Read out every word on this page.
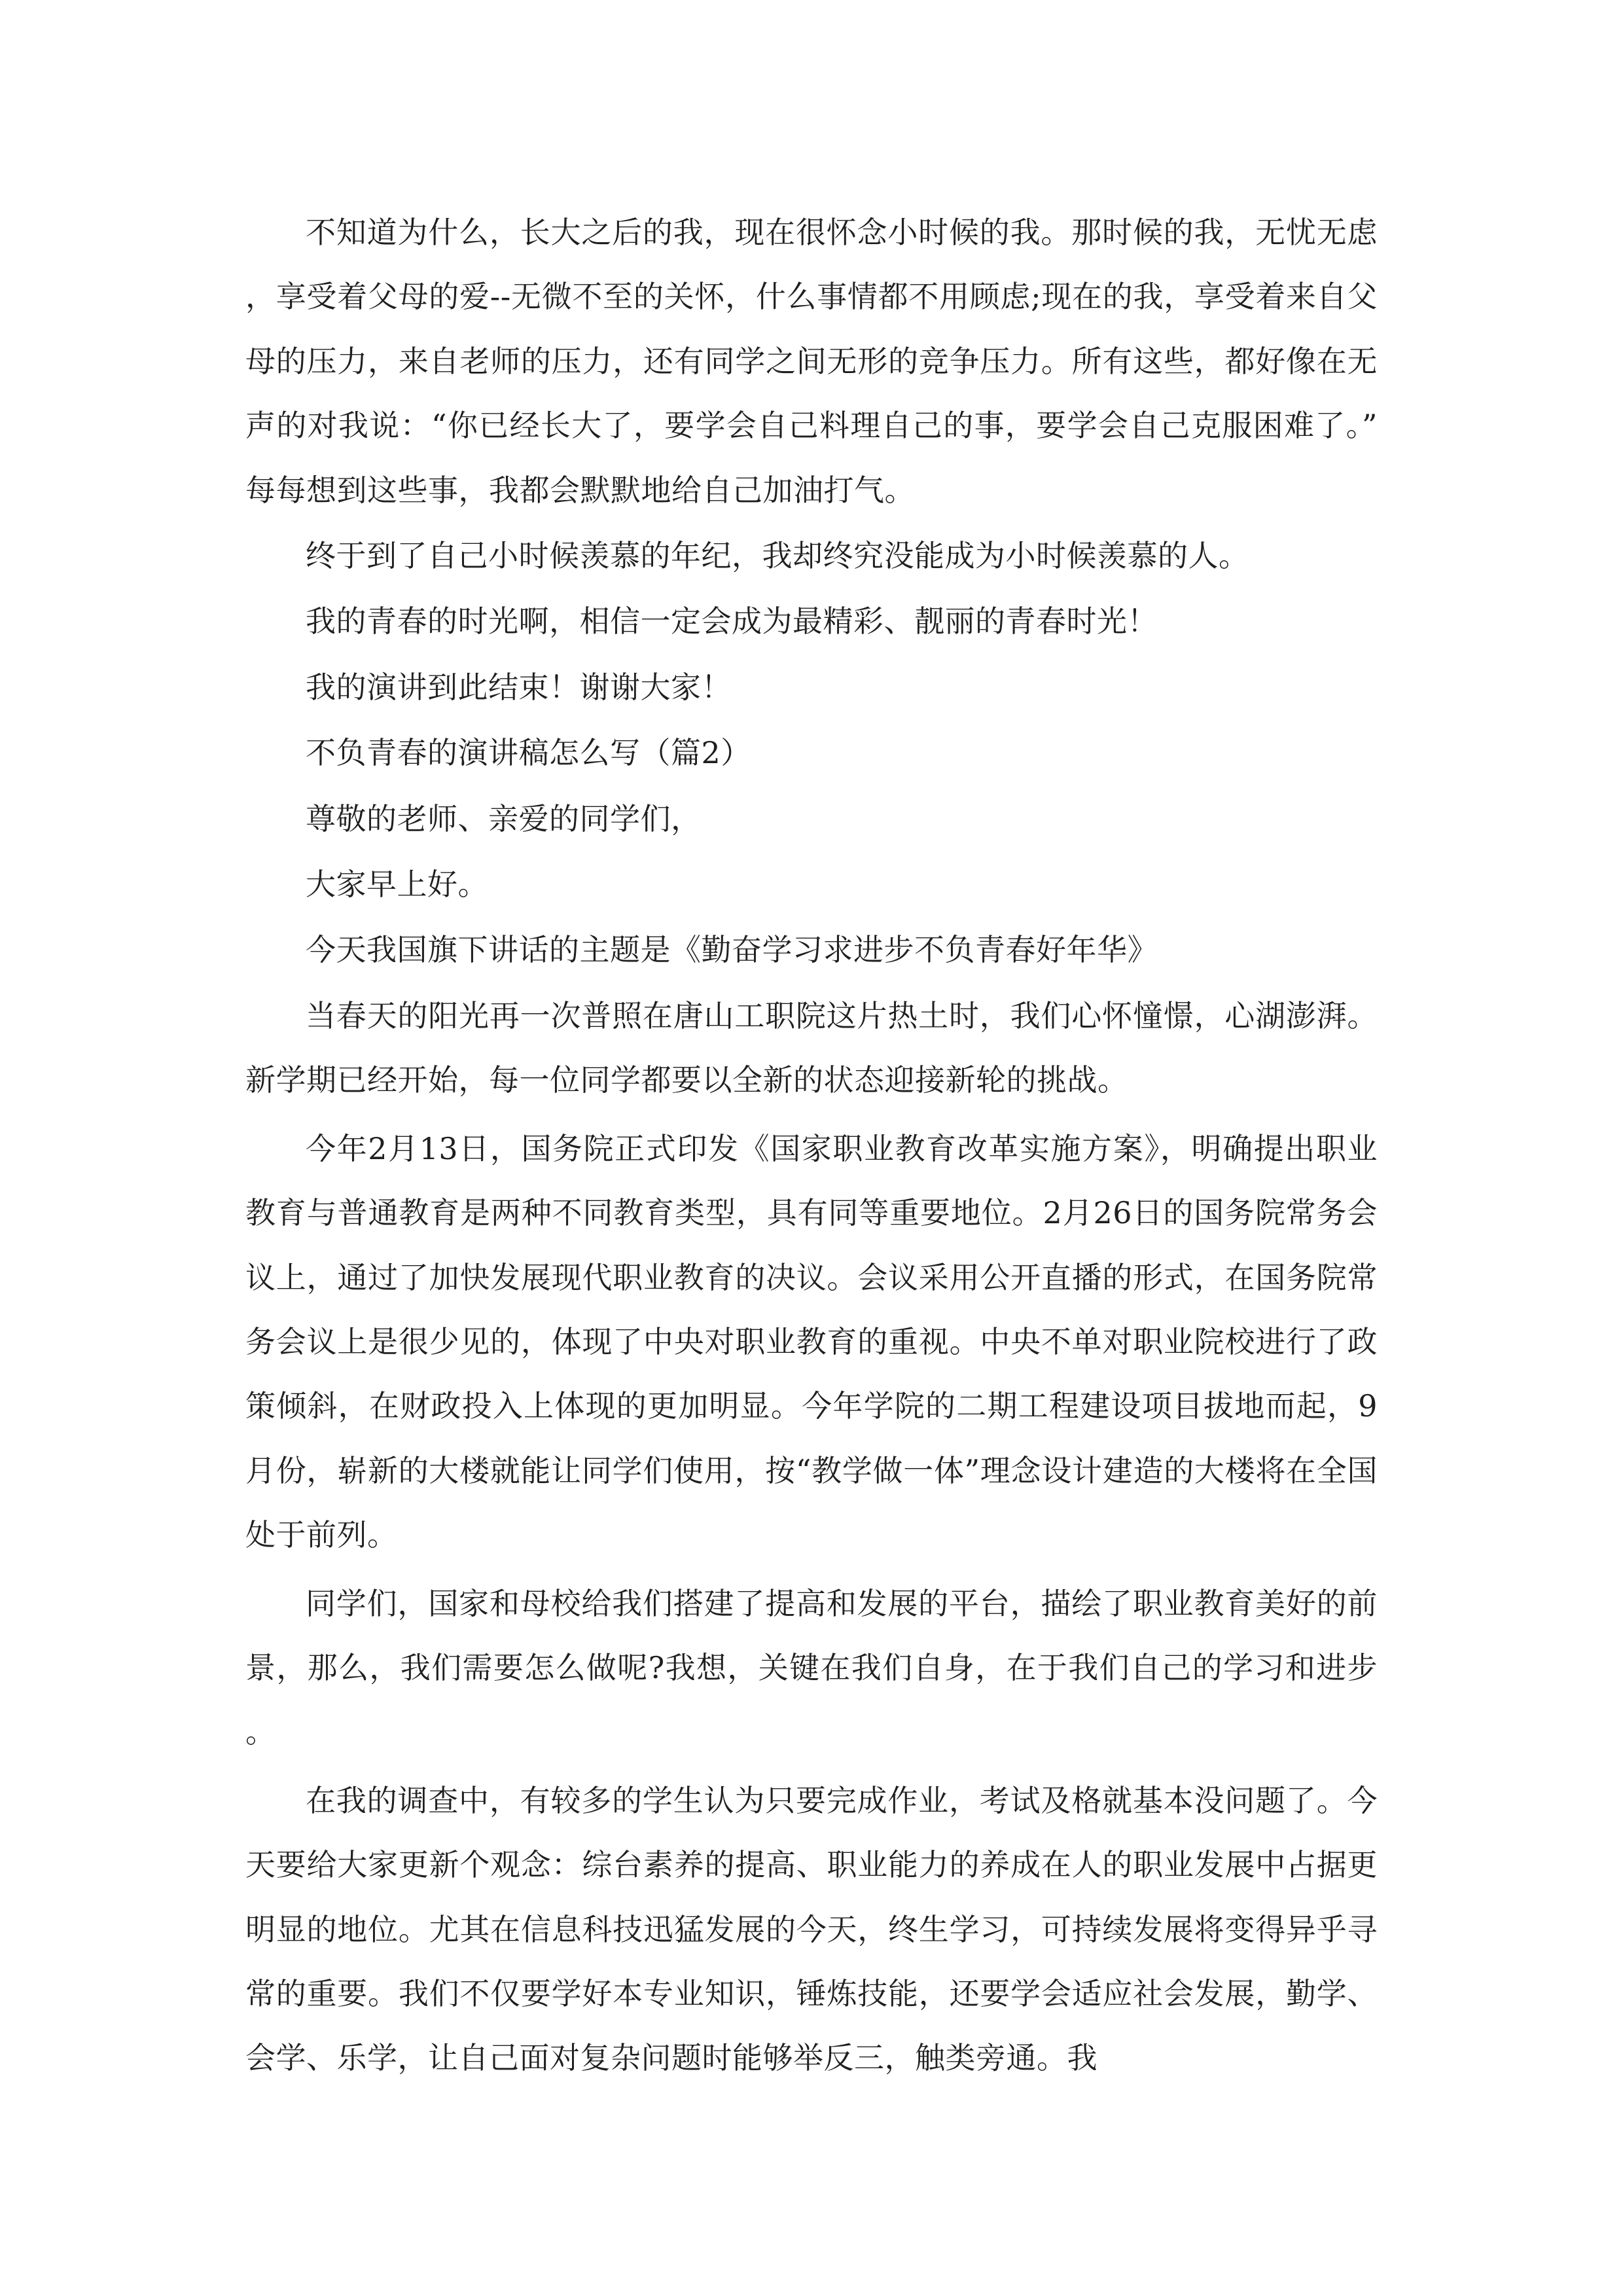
不知道为什么，长大之后的我，现在很怀念小时候的我。那时候的我，无忧无虑，享受着父母的爱--无微不至的关怀，什么事情都不用顾虑;现在的我，享受着来自父母的压力，来自老师的压力，还有同学之间无形的竞争压力。所有这些，都好像在无声的对我说：“你已经长大了，要学会自己料理自己的事，要学会自己克服困难了。”每每想到这些事，我都会默默地给自己加油打气。

终于到了自己小时候羡慕的年纪，我却终究没能成为小时候羡慕的人。

我的青春的时光啊，相信一定会成为最精彩、靓丽的青春时光！

我的演讲到此结束！谢谢大家！

不负青春的演讲稿怎么写（篇2）

尊敬的老师、亲爱的同学们，

大家早上好。

今天我国旗下讲话的主题是《勤奋学习求进步不负青春好年华》

当春天的阳光再一次普照在唐山工职院这片热土时，我们心怀憧憬，心湖澎湃。新学期已经开始，每一位同学都要以全新的状态迎接新轮的挑战。

今年2月13日，国务院正式印发《国家职业教育改革实施方案》，明确提出职业教育与普通教育是两种不同教育类型，具有同等重要地位。2月26日的国务院常务会议上，通过了加快发展现代职业教育的决议。会议采用公开直播的形式，在国务院常务会议上是很少见的，体现了中央对职业教育的重视。中央不单对职业院校进行了政策倾斜，在财政投入上体现的更加明显。今年学院的二期工程建设项目拔地而起，9月份，崭新的大楼就能让同学们使用，按“教学做一体”理念设计建造的大楼将在全国处于前列。

同学们，国家和母校给我们搭建了提高和发展的平台，描绘了职业教育美好的前景，那么，我们需要怎么做呢?我想，关键在我们自身，在于我们自己的学习和进步。

在我的调查中，有较多的学生认为只要完成作业，考试及格就基本没问题了。今天要给大家更新个观念：综台素养的提高、职业能力的养成在人的职业发展中占据更明显的地位。尤其在信息科技迅猛发展的今天，终生学习，可持续发展将变得异乎寻常的重要。我们不仅要学好本专业知识，锤炼技能，还要学会适应社会发展，勤学、会学、乐学，让自己面对复杂问题时能够举反三，触类旁通。我
